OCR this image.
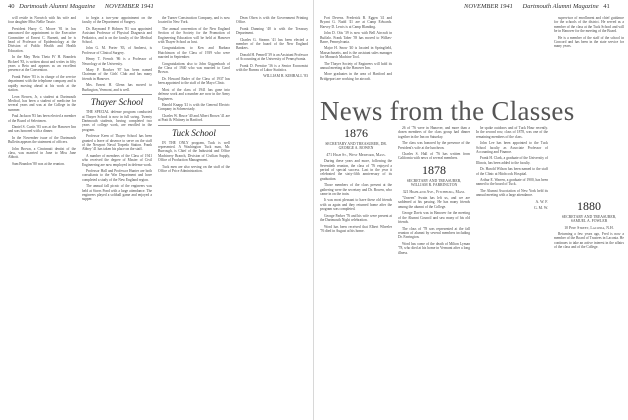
40 Dartmouth Alumni Magazine NOVEMBER 1941

will reside in Norwich with his wife and four daughter Miss Nellie Tassie.

President Harry C. Moore '81 in has announced the appointment to the Executive Committee of Ernest C. Burnett, and he is head of Professor of Epidemiology at the Division of Public Health and Health Education.

In the May 'Beta Theta Pi' H. Brandeis Bickeel '83, is written about and writes in fifty years a Beta and appears as an excellent presence at the Convention.

Frank Potter '83 is in charge of the service department with the telephone company and is rapidly moving ahead at his work at the station.

Leon Bowen, Jr, a student at Dartmouth Medical, has been a student of medicine for several years and was at the College in the summer.

Paul Jackson '83 has been elected a member of the Board of Selectmen.

Daniel S. Curtis '83 was at the Hanover Inn and was honored with a dinner.

In the November issue of the Dartmouth Bulletin appears the statement of officers.

John Brown, a Cincinnati dentist of the class, was married in June to Miss Jane Abbott.

Sam Brandon '80 was at the reunion.

to begin a two-year appointment on the faculty of the Department of Surgery.

Dr. Raymond P. Holmes '81 was appointed Assistant Professor of Physical Diagnosis and Pediatrics, and is on the faculty of the Medical School.

John G. M. Porter '83, of Amherst, is Professor of Clinical Surgery.

Henry T. French '86 is a Professor of Neurology at the University.

Mary P. Bowker '87 has been named Chairman of the Girls' Club and has many friends in Hanover.

Mrs. Ernest H. Glenn has moved to Burlington, Vermont, and is well.

Thayer School

THE SPECIAL defense program conducted at Thayer School is now in full swing. Twenty Dartmouth students, having completed two years of college work, are enrolled in the program.

Professor Keen of Thayer School has been granted a leave of absence to serve on the staff of the Newport Naval Torpedo Station. Frank Abbey '41 has taken his place on the staff.

A number of members of the Class of 1941 who received the degree of Master of Civil Engineering are now employed in defense work.

Professor Hall and Professor Hunter are both consultants to the War Department and have completed a study of the New England region.

The annual fall picnic of the engineers was held at Storrs Pond with a large attendance. The engineers played a softball game and enjoyed a supper.

the Turner Construction Company, and is now located in New York.

The annual convention of the New England Section of the Society for the Promotion of Engineering Education will be held at Hanover with Thayer School as host.

Congratulations to Ken and Barbara Hutchinson of the Class of 1939 who were married in September.

Congratulations also to John Giggenbach of the Class of 1940 who was married to Carol Brown.

Dr. Howard Rader of the Class of 1937 has been appointed to the staff of the Mayo Clinic.

Most of the class of 1941 has gone into defense work and a number are now in the Army Engineers.

Harold Knapp '41 is with the General Electric Company in Schenectady.

Charles W. Bruce '40 and Albert Brown '41 are at Pratt & Whitney in Hartford.

Tuck School

IN THE ONLY program, Tuck is well represented. A Washington Tuck man, Mr. Burrough, is Chief of the Industrial and Office Machinery Branch, Division of Civilian Supply, Office of Production Management.

Tuck men are also serving on the staff of the Office of Price Administration.

Dean Olsen is with the Government Printing Office.

Frank Dunning '40 is with the Treasury Department.

Charles G. Stearns '41 has been elected a member of the board of the New England Bankers.

Donald H. Pennell '39 is an Assistant Professor of Accounting at the University of Pennsylvania.

Frank D. Prentice '36 is a Senior Economist with the Bureau of Labor Statistics.

WILLIAM R. KIMBALL '83

NOVEMBER 1941 Dartmouth Alumni Magazine 41

Fort Devens. Frederick B. Eggen '41 and Bryant G. Nudd '41 are at Camp Edwards. Harvey D. Lewis is at Camp Blanding.

John D. Otis '39 is now with Bell Aircraft in Buffalo. Frank Taber '39 has moved to Wilkes-Barre, Pennsylvania.

Major H. Snow '40 is located in Springfield, Massachusetts, and is the assistant sales manager for Monarch Machine Tool.

The Thayer Society of Engineers will hold its annual meeting at the Hanover Inn.

More graduates in the area of Hartford and Bridgeport are working for aircraft.

News from the Classes

1876

SECRETARY AND TREASURER, DR. GEORGE A. BOWEN

471 High St., West Medford, Mass.

During these years and more, following the Seventieth reunion, the class of '76 enjoyed a period of special success. Last in the year it celebrated the sixty-fifth anniversary of its graduation.

Those members of the class present at the gathering were the secretary and Dr. Bowen, who came in on the train.

It was most pleasant to have these old friends with us again and they returned home after the program was completed.

George Parker '76 and his wife were present at the Dartmouth Night celebration.

Word has been received that Elbert Wheeler '76 died in August at his home.

26 of '76 were in Hanover, and more than a dozen members of the class group had dinner together in the Inn on Saturday.

The class was honored by the presence of the President's wife at the luncheon.

Charles S. Hall of '76 has written from California with news of several members.

1878

SECRETARY AND TREASURER, WILLIAM R. FARRINGTON

321 Highland Ave., Fitchburg, Mass.

"Unseen" Swain has left us, and we are saddened at his passing. He has many friends among the alumni of the College.

George Davis was in Hanover for the meeting of the Alumni Council and saw many of his old friends.

The class of '78 was represented at the fall reunion of alumni by several members including Dr. Farrington.

Word has come of the death of Milton Lyman '78, who died at his home in Vermont after a long illness.

he spoke outdoors and of Tuck Hour recently. In the second row, class of 1878, was one of the remaining members of the class.

John Lee has been appointed to the Tuck School faculty as Associate Professor of Accounting and Finance.

Frank H. Clark, a graduate of the University of Illinois, has been added to the faculty.

Dr. Harold Wilson has been named to the staff of the Clinic at Hitchcock Hospital.

Arthur E. Warren, a graduate of 1900, has been named to the board of Tuck.

The Alumni Association of New York held its annual meeting with a large attendance.

A. W. F.

G. M. W.

supervisor of enrollment and chief guidance for the schools of the district. He served as a member of the class at the Tuck School and will be in Hanover for the meeting of the Board.

He is a member of the staff of the school in Concord and has been in the state service for many years.

1880

SECRETARY AND TREASURER, SAMUEL A. FOWLER

10 Pine Street, Laconia, N.H.

Returning a few years ago, Fred is now a member of the Board of Trustees in Laconia. He continues to take an active interest in the affairs of the class and of the College.
